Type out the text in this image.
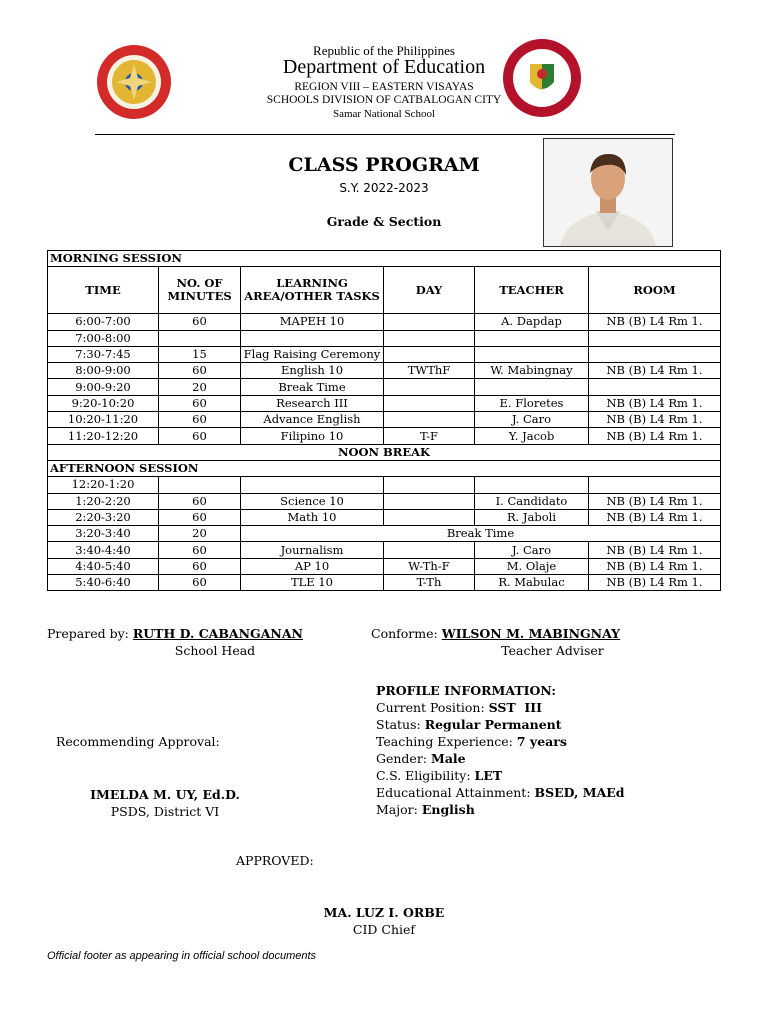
Republic of the Philippines
Department of Education
REGION VIII – EASTERN VISAYAS
SCHOOLS DIVISION OF CATBALOGAN CITY
Samar National School
CLASS PROGRAM
S.Y. 2022-2023
Grade & Section
MORNING SESSION					
TIME	NO. OF MINUTES	LEARNING AREA/OTHER TASKS	DAY	TEACHER	ROOM
6:00-7:00	60	MAPEH 10		A. Dapdap	NB (B) L4 Rm 1.
7:00-8:00					
7:30-7:45	15	Flag Raising Ceremony			
8:00-9:00	60	English 10	TWThF	W. Mabingnay	NB (B) L4 Rm 1.
9:00-9:20	20	Break Time			
9:20-10:20	60	Research III		E. Floretes	NB (B) L4 Rm 1.
10:20-11:20	60	Advance English		J. Caro	NB (B) L4 Rm 1.
11:20-12:20	60	Filipino 10	T-F	Y. Jacob	NB (B) L4 Rm 1.
NOON BREAK					
AFTERNOON SESSION					
12:20-1:20					
1:20-2:20	60	Science 10		I. Candidato	NB (B) L4 Rm 1.
2:20-3:20	60	Math 10		R. Jaboli	NB (B) L4 Rm 1.
3:20-3:40	20	Break Time			
3:40-4:40	60	Journalism		J. Caro	NB (B) L4 Rm 1.
4:40-5:40	60	AP 10	W-Th-F	M. Olaje	NB (B) L4 Rm 1.
5:40-6:40	60	TLE 10	T-Th	R. Mabulac	NB (B) L4 Rm 1.
Prepared by: RUTH D. CABANGANAN
School Head
Conforme: WILSON M. MABINGNAY
Teacher Adviser
Recommending Approval:
IMELDA M. UY, Ed.D.
PSDS, District VI
APPROVED:
MA. LUZ I. ORBE
CID Chief
PROFILE INFORMATION:
Current Position: SST  III
Status: Regular Permanent
Teaching Experience: 7 years
Gender: Male
C.S. Eligibility: LET
Educational Attainment: BSED, MAEd
Major: English
Official footer as appearing in official school documents
